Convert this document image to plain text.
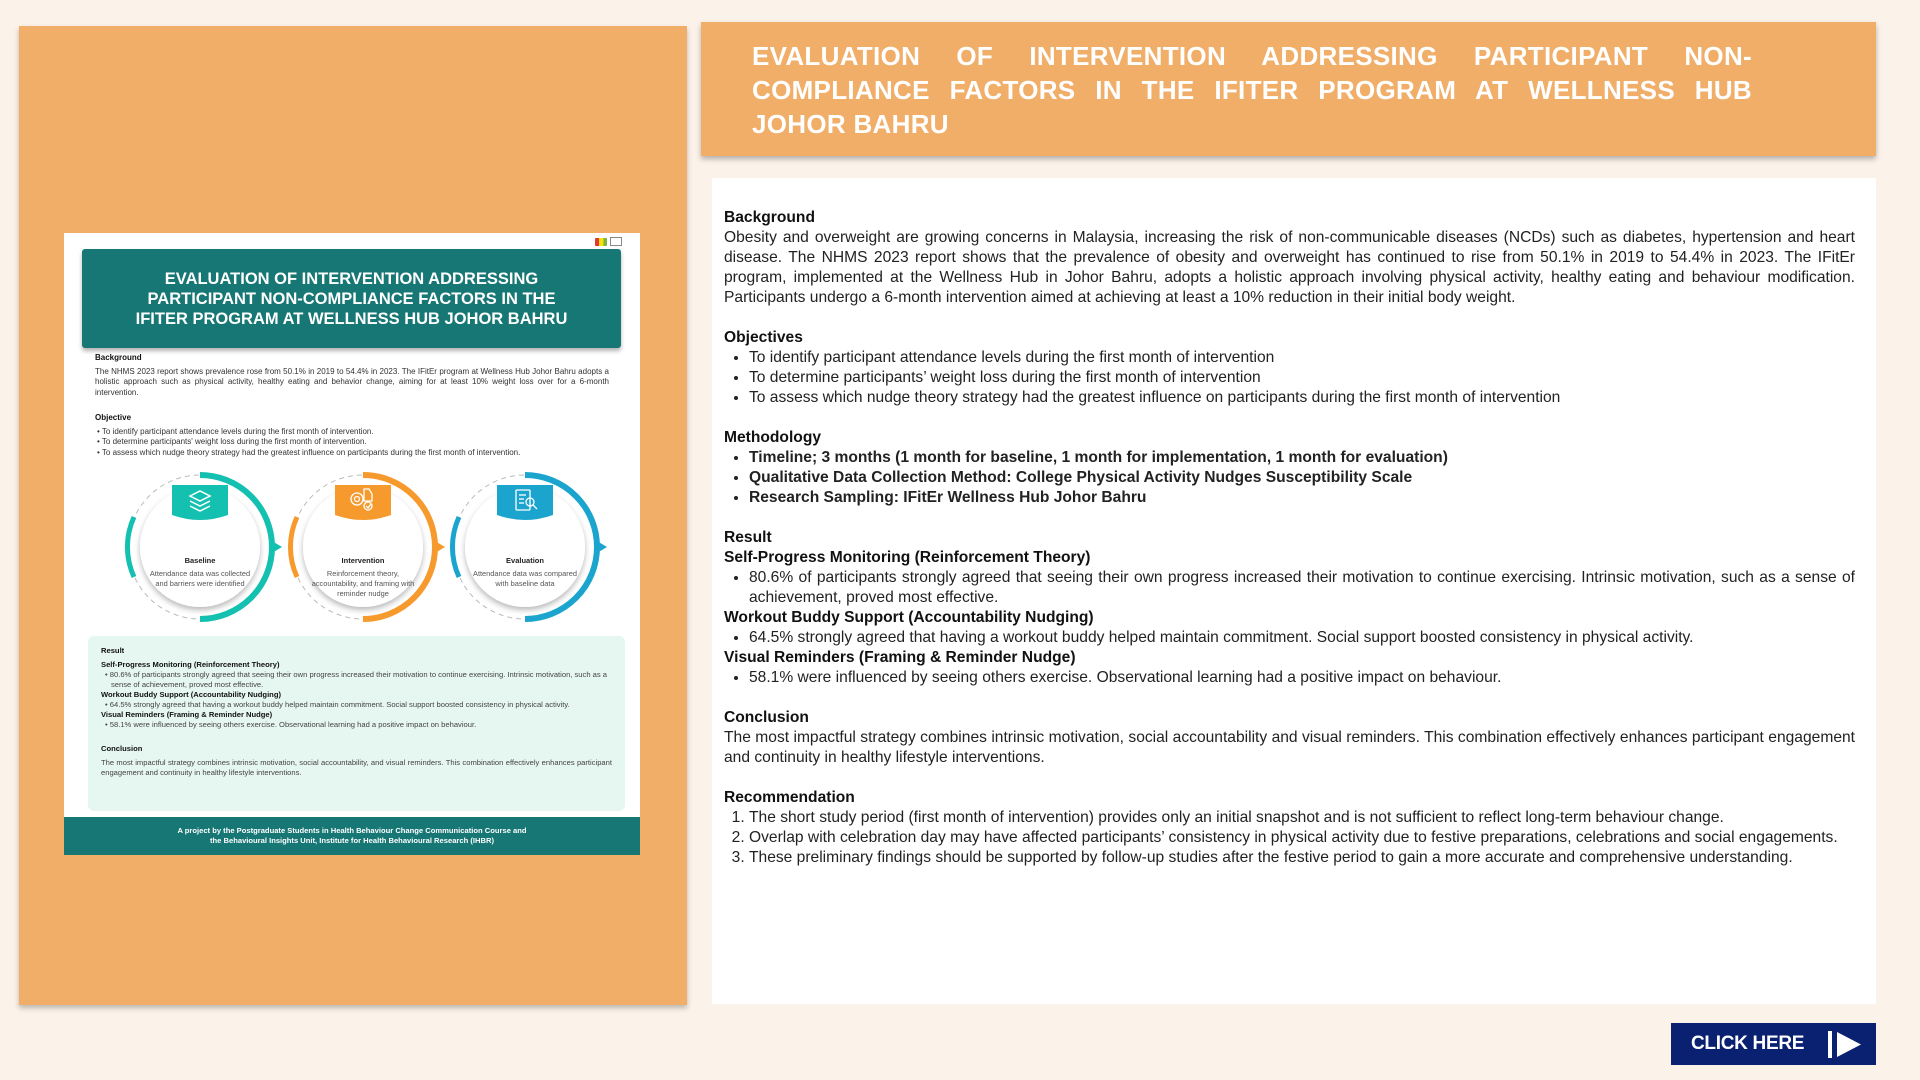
EVALUATION OF INTERVENTION ADDRESSING PARTICIPANT NON-COMPLIANCE FACTORS IN THE IFITER PROGRAM AT WELLNESS HUB JOHOR BAHRU
Background
The NHMS 2023 report shows prevalence rose from 50.1% in 2019 to 54.4% in 2023. The IFitEr program at Wellness Hub Johor Bahru adopts a holistic approach such as physical activity, healthy eating and behavior change, aiming for at least 10% weight loss over for a 6-month intervention.
Objective
• To identify participant attendance levels during the first month of intervention.
• To determine participants' weight loss during the first month of intervention.
• To assess which nudge theory strategy had the greatest influence on participants during the first month of intervention.
Baseline
Attendance data was collected and barriers were identified
Intervention
Reinforcement theory, accountability, and framing with reminder nudge
Evaluation
Attendance data was compared with baseline data
Result
Self-Progress Monitoring (Reinforcement Theory)
• 80.6% of participants strongly agreed that seeing their own progress increased their motivation to continue exercising. Intrinsic motivation, such as a sense of achievement, proved most effective.
Workout Buddy Support (Accountability Nudging)
• 64.5% strongly agreed that having a workout buddy helped maintain commitment. Social support boosted consistency in physical activity.
Visual Reminders (Framing & Reminder Nudge)
• 58.1% were influenced by seeing others exercise. Observational learning had a positive impact on behaviour.
Conclusion
The most impactful strategy combines intrinsic motivation, social accountability, and visual reminders. This combination effectively enhances participant engagement and continuity in healthy lifestyle interventions.
A project by the Postgraduate Students in Health Behaviour Change Communication Course and
the Behavioural Insights Unit, Institute for Health Behavioural Research (IHBR)
EVALUATION OF INTERVENTION ADDRESSING PARTICIPANT NON-COMPLIANCE FACTORS IN THE IFITER PROGRAM AT WELLNESS HUB JOHOR BAHRU
Background
Obesity and overweight are growing concerns in Malaysia, increasing the risk of non-communicable diseases (NCDs) such as diabetes, hypertension and heart disease. The NHMS 2023 report shows that the prevalence of obesity and overweight has continued to rise from 50.1% in 2019 to 54.4% in 2023. The IFitEr program, implemented at the Wellness Hub in Johor Bahru, adopts a holistic approach involving physical activity, healthy eating and behaviour modification. Participants undergo a 6-month intervention aimed at achieving at least a 10% reduction in their initial body weight.
Objectives
• To identify participant attendance levels during the first month of intervention
• To determine participants’ weight loss during the first month of intervention
• To assess which nudge theory strategy had the greatest influence on participants during the first month of intervention
Methodology
• Timeline; 3 months (1 month for baseline, 1 month for implementation, 1 month for evaluation)
• Qualitative Data Collection Method: College Physical Activity Nudges Susceptibility Scale
• Research Sampling: IFitEr Wellness Hub Johor Bahru
Result
Self-Progress Monitoring (Reinforcement Theory)
• 80.6% of participants strongly agreed that seeing their own progress increased their motivation to continue exercising. Intrinsic motivation, such as a sense of achievement, proved most effective.
Workout Buddy Support (Accountability Nudging)
• 64.5% strongly agreed that having a workout buddy helped maintain commitment. Social support boosted consistency in physical activity.
Visual Reminders (Framing & Reminder Nudge)
• 58.1% were influenced by seeing others exercise. Observational learning had a positive impact on behaviour.
Conclusion
The most impactful strategy combines intrinsic motivation, social accountability and visual reminders. This combination effectively enhances participant engagement and continuity in healthy lifestyle interventions.
Recommendation
1. The short study period (first month of intervention) provides only an initial snapshot and is not sufficient to reflect long-term behaviour change.
2. Overlap with celebration day may have affected participants’ consistency in physical activity due to festive preparations, celebrations and social engagements.
3. These preliminary findings should be supported by follow-up studies after the festive period to gain a more accurate and comprehensive understanding.
CLICK HERE
